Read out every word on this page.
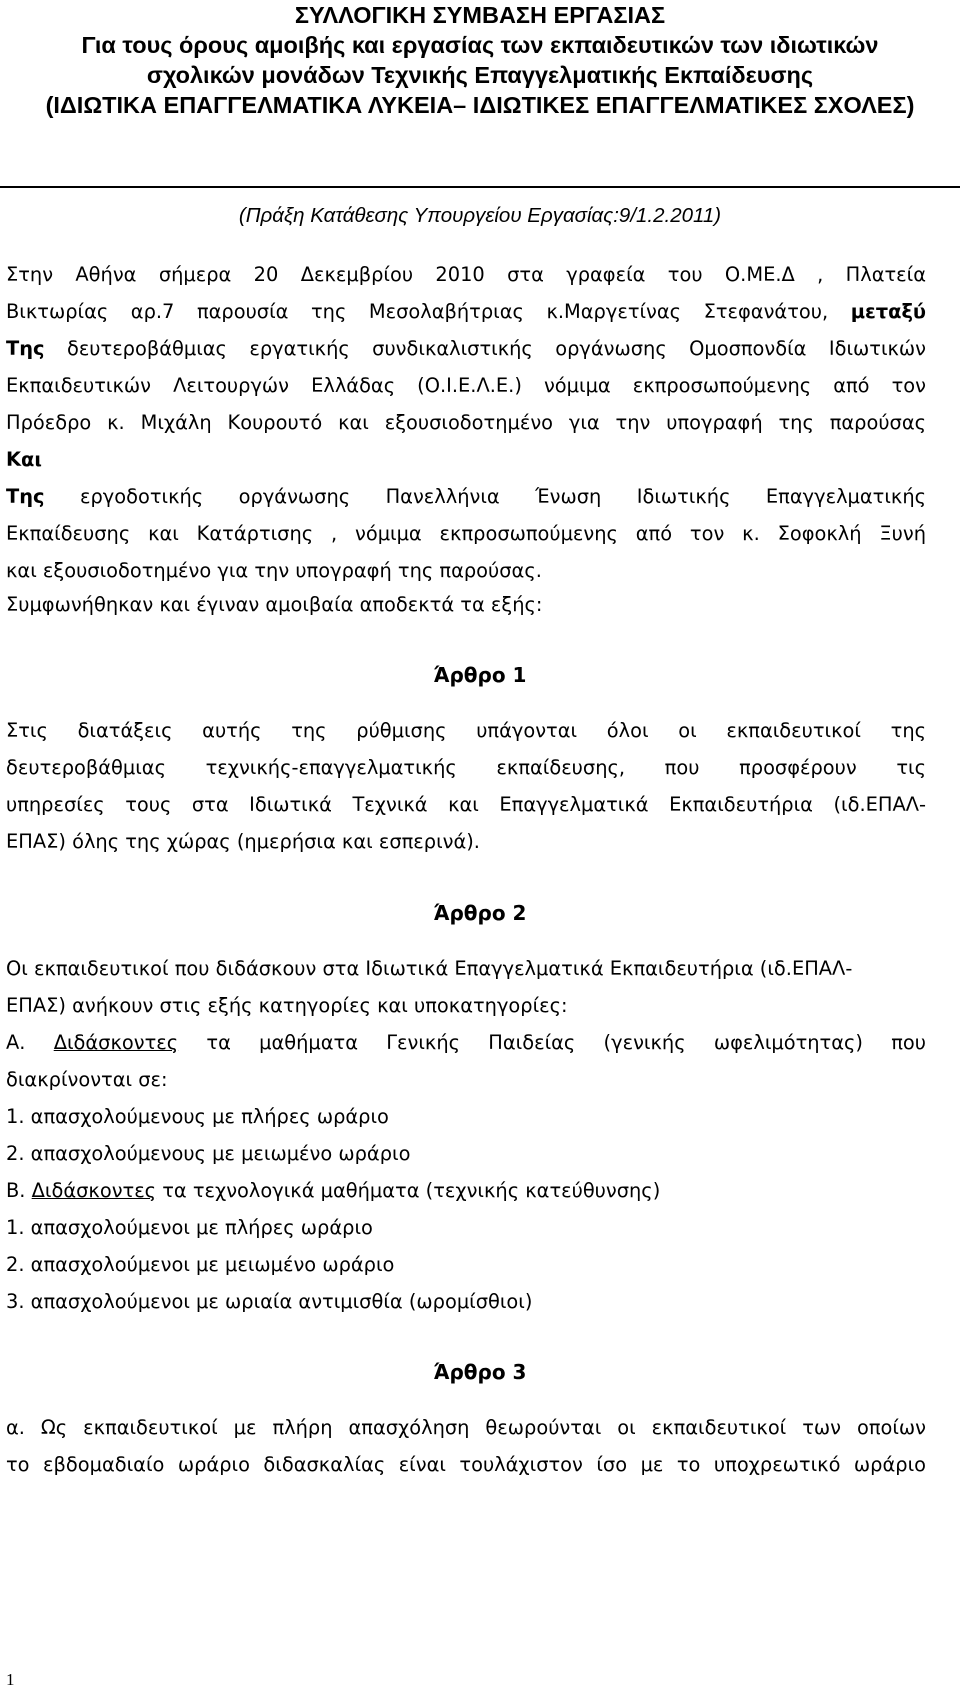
ΣΥΛΛΟΓΙΚΗ ΣΥΜΒΑΣΗ ΕΡΓΑΣΙΑΣ
Για τους όρους αμοιβής και εργασίας των εκπαιδευτικών των ιδιωτικών
σχολικών μονάδων Τεχνικής Επαγγελματικής Εκπαίδευσης
(ΙΔΙΩΤΙΚΑ ΕΠΑΓΓΕΛΜΑΤΙΚΑ ΛΥΚΕΙΑ– ΙΔΙΩΤΙΚΕΣ ΕΠΑΓΓΕΛΜΑΤΙΚΕΣ ΣΧΟΛΕΣ)
(Πράξη Κατάθεσης Υπουργείου Εργασίας:9/1.2.2011)
Στην Αθήνα σήμερα 20 Δεκεμβρίου 2010 στα γραφεία του Ο.ΜΕ.Δ , Πλατεία
Βικτωρίας αρ.7 παρουσία της Μεσολαβήτριας κ.Μαργετίνας Στεφανάτου, μεταξύ
Της δευτεροβάθμιας εργατικής συνδικαλιστικής οργάνωσης Ομοσπονδία Ιδιωτικών
Εκπαιδευτικών Λειτουργών Ελλάδας (Ο.Ι.Ε.Λ.Ε.) νόμιμα εκπροσωπούμενης από τον
Πρόεδρο κ. Μιχάλη Κουρουτό και εξουσιοδοτημένο για την υπογραφή της παρούσας
Και
Της εργοδοτικής οργάνωσης Πανελλήνια Ένωση Ιδιωτικής Επαγγελματικής
Εκπαίδευσης και Κατάρτισης , νόμιμα εκπροσωπούμενης από τον κ. Σοφοκλή Ξυνή
και εξουσιοδοτημένο για την υπογραφή της παρούσας.
Συμφωνήθηκαν και έγιναν αμοιβαία αποδεκτά τα εξής:
Άρθρο 1
Στις διατάξεις αυτής της ρύθμισης υπάγονται όλοι οι εκπαιδευτικοί της
δευτεροβάθμιας τεχνικής-επαγγελματικής εκπαίδευσης, που προσφέρουν τις
υπηρεσίες τους στα Ιδιωτικά Τεχνικά και Επαγγελματικά Εκπαιδευτήρια (ιδ.ΕΠΑΛ-
ΕΠΑΣ) όλης της χώρας (ημερήσια και εσπερινά).
Άρθρο 2
Οι εκπαιδευτικοί που διδάσκουν στα Ιδιωτικά Επαγγελματικά Εκπαιδευτήρια (ιδ.ΕΠΑΛ-
ΕΠΑΣ) ανήκουν στις εξής κατηγορίες και υποκατηγορίες:
Α. Διδάσκοντες τα μαθήματα Γενικής Παιδείας (γενικής ωφελιμότητας) που
διακρίνονται σε:
1. απασχολούμενους με πλήρες ωράριο
2. απασχολούμενους με μειωμένο ωράριο
Β. Διδάσκοντες τα τεχνολογικά μαθήματα (τεχνικής κατεύθυνσης)
1. απασχολούμενοι με πλήρες ωράριο
2. απασχολούμενοι με μειωμένο ωράριο
3. απασχολούμενοι με ωριαία αντιμισθία (ωρομίσθιοι)
Άρθρο 3
α. Ως εκπαιδευτικοί με πλήρη απασχόληση θεωρούνται οι εκπαιδευτικοί των οποίων
το εβδομαδιαίο ωράριο διδασκαλίας είναι τουλάχιστον ίσο με το υποχρεωτικό ωράριο
1
